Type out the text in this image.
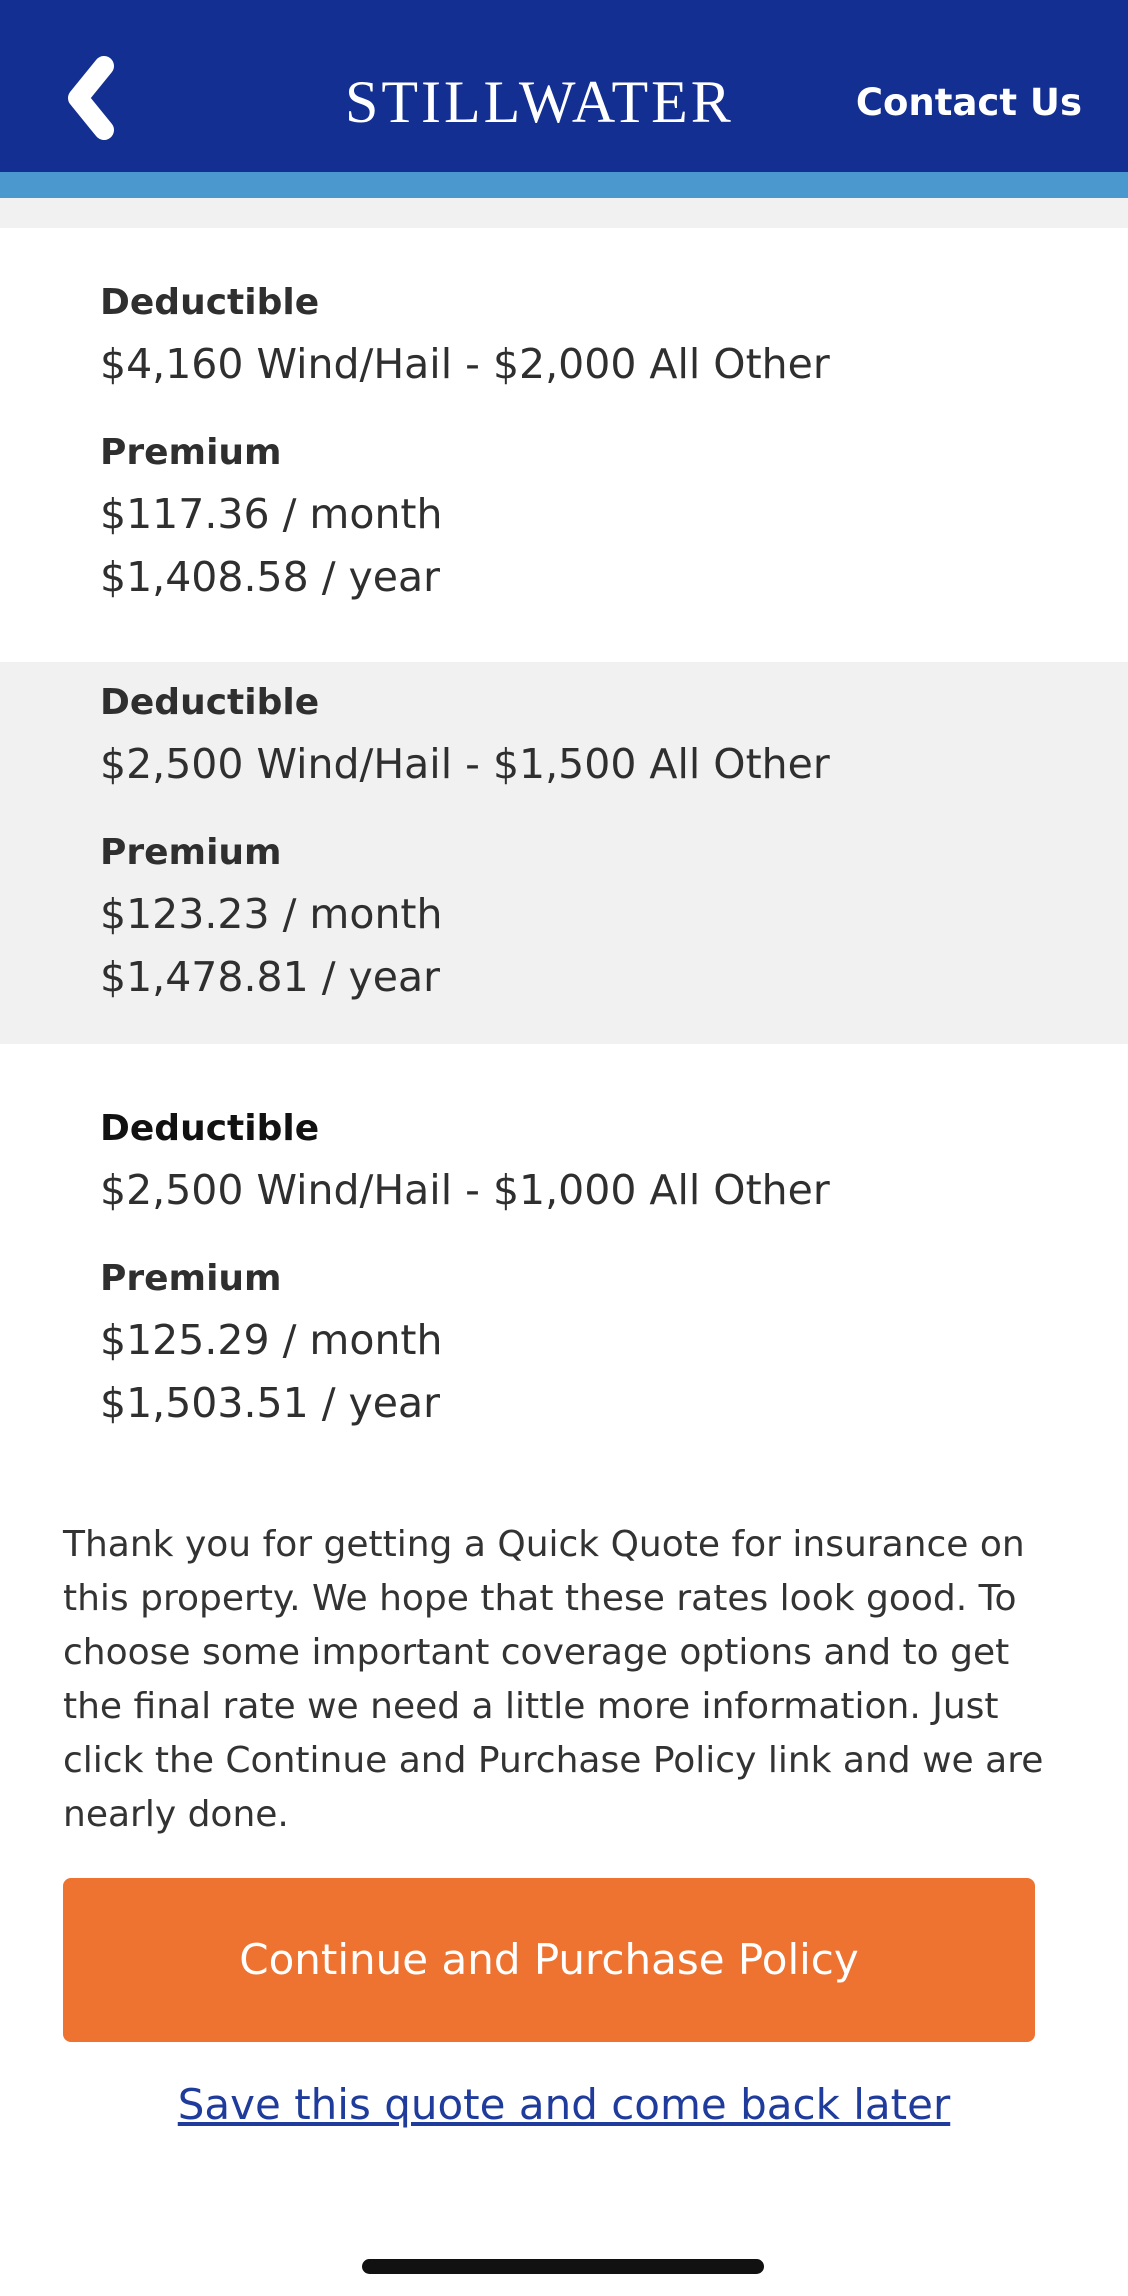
STILLWATER	Contact Us
Deductible
$4,160 Wind/Hail - $2,000 All Other
Premium
$117.36 / month
$1,408.58 / year
Deductible
$2,500 Wind/Hail - $1,500 All Other
Premium
$123.23 / month
$1,478.81 / year
Deductible
$2,500 Wind/Hail - $1,000 All Other
Premium
$125.29 / month
$1,503.51 / year
Thank you for getting a Quick Quote for insurance on this property. We hope that these rates look good. To choose some important coverage options and to get the final rate we need a little more information. Just click the Continue and Purchase Policy link and we are nearly done.
Continue and Purchase Policy
Save this quote and come back later
